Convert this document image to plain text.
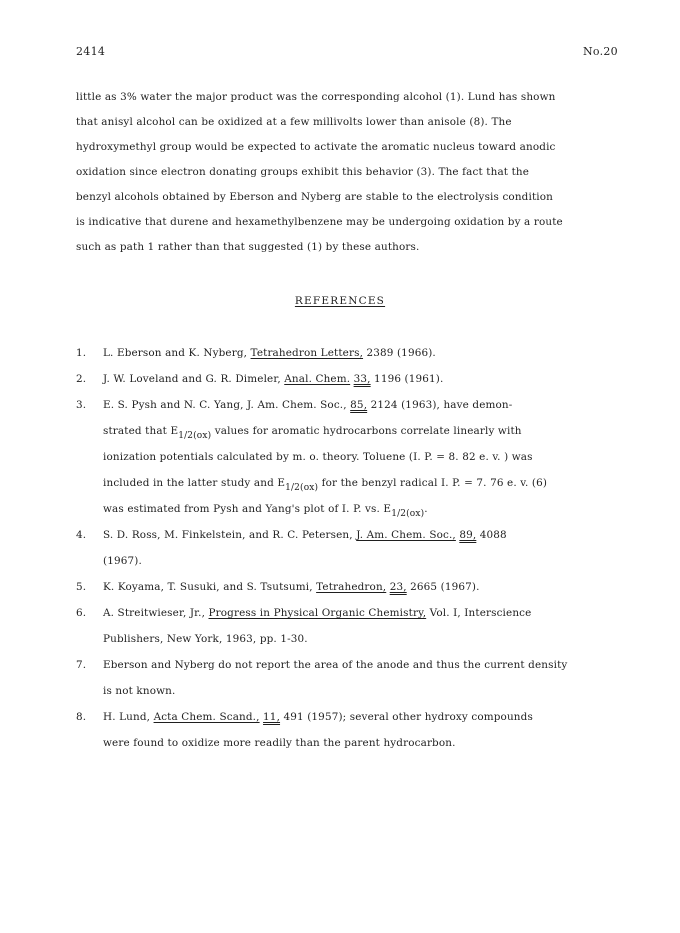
2414	No.20
little as 3% water the major product was the corresponding alcohol (1). Lund has shown
that anisyl alcohol can be oxidized at a few millivolts lower than anisole (8). The
hydroxymethyl group would be expected to activate the aromatic nucleus toward anodic
oxidation since electron donating groups exhibit this behavior (3). The fact that the
benzyl alcohols obtained by Eberson and Nyberg are stable to the electrolysis condition
is indicative that durene and hexamethylbenzene may be undergoing oxidation by a route
such as path 1 rather than that suggested (1) by these authors.
REFERENCES
1. L. Eberson and K. Nyberg, Tetrahedron Letters, 2389 (1966).
2. J. W. Loveland and G. R. Dimeler, Anal. Chem. 33, 1196 (1961).
3. E. S. Pysh and N. C. Yang, J. Am. Chem. Soc., 85, 2124 (1963), have demon-
strated that $E_{1/2(ox)}$ values for aromatic hydrocarbons correlate linearly with
ionization potentials calculated by m. o. theory. Toluene (I. P. = 8. 82 e. v. ) was
included in the latter study and $E_{1/2(ox)}$ for the benzyl radical I. P. = 7. 76 e. v. (6)
was estimated from Pysh and Yang's plot of I. P. vs. $E_{1/2(ox)}$.
4. S. D. Ross, M. Finkelstein, and R. C. Petersen, J. Am. Chem. Soc., 89, 4088
(1967).
5. K. Koyama, T. Susuki, and S. Tsutsumi, Tetrahedron, 23, 2665 (1967).
6. A. Streitwieser, Jr., Progress in Physical Organic Chemistry, Vol. I, Interscience
Publishers, New York, 1963, pp. 1-30.
7. Eberson and Nyberg do not report the area of the anode and thus the current density
is not known.
8. H. Lund, Acta Chem. Scand., 11, 491 (1957); several other hydroxy compounds
were found to oxidize more readily than the parent hydrocarbon.
